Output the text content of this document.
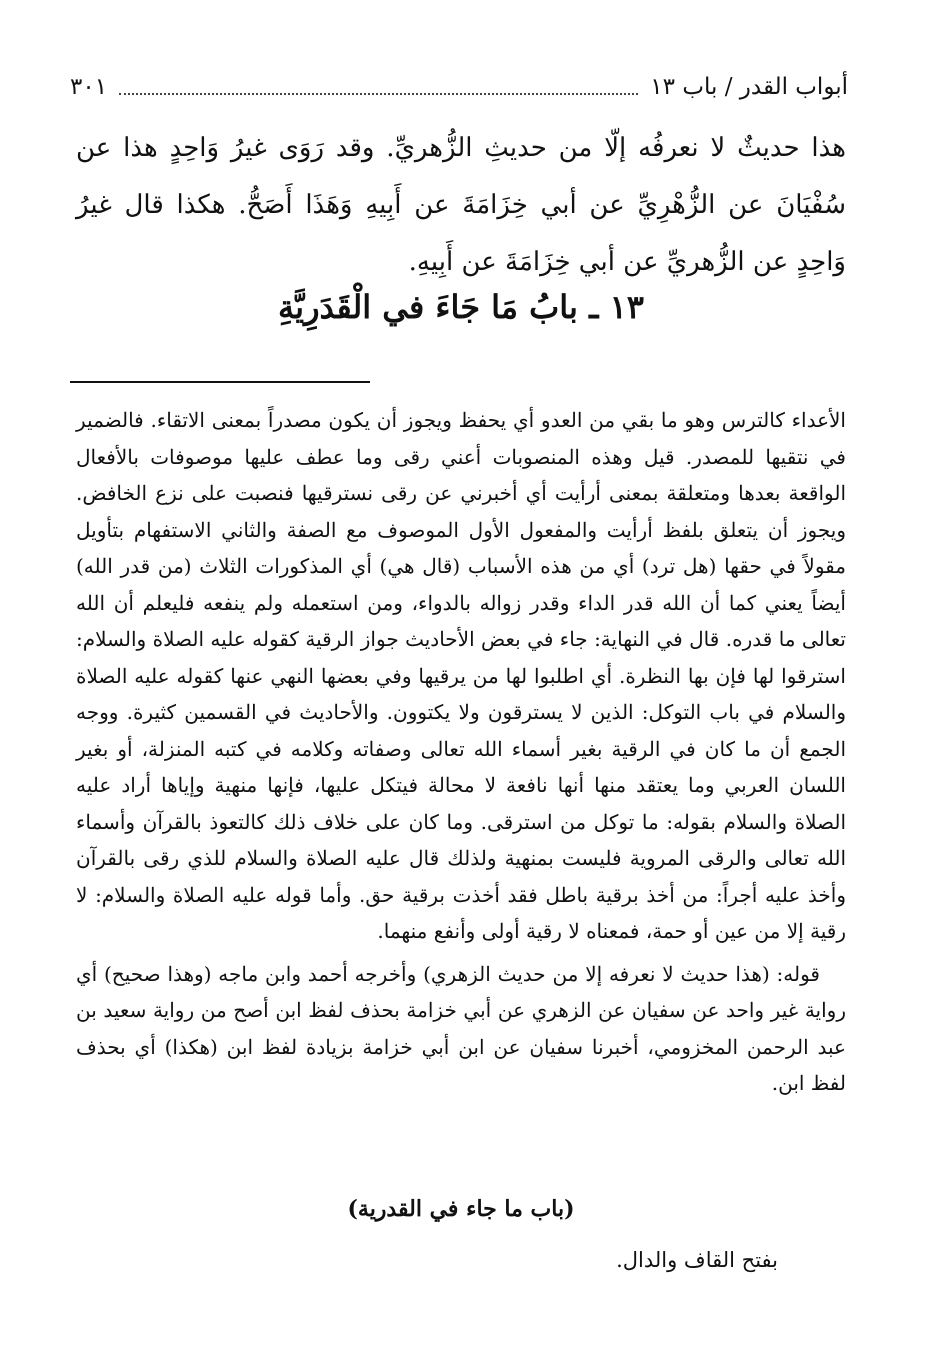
أبواب القدر / باب ١٣
٣٠١

هذا حديثٌ لا نعرفُه إلّا من حديثِ الزُّهريِّ. وقد رَوَى غيرُ وَاحِدٍ هذا عن سُفْيَانَ عن الزُّهْرِيِّ عن أبي خِزَامَةَ عن أَبِيهِ وَهَذَا أَصَحُّ. هكذا قال غيرُ وَاحِدٍ عن الزُّهريِّ عن أبي خِزَامَةَ عن أَبِيهِ.

١٣ ـ بابُ مَا جَاءَ في الْقَدَرِيَّةِ

الأعداء كالترس وهو ما بقي من العدو أي يحفظ ويجوز أن يكون مصدراً بمعنى الاتقاء. فالضمير في نتقيها للمصدر. قيل وهذه المنصوبات أعني رقى وما عطف عليها موصوفات بالأفعال الواقعة بعدها ومتعلقة بمعنى أرأيت أي أخبرني عن رقى نسترقيها فنصبت على نزع الخافض. ويجوز أن يتعلق بلفظ أرأيت والمفعول الأول الموصوف مع الصفة والثاني الاستفهام بتأويل مقولاً في حقها (هل ترد) أي من هذه الأسباب (قال هي) أي المذكورات الثلاث (من قدر الله) أيضاً يعني كما أن الله قدر الداء وقدر زواله بالدواء، ومن استعمله ولم ينفعه فليعلم أن الله تعالى ما قدره. قال في النهاية: جاء في بعض الأحاديث جواز الرقية كقوله عليه الصلاة والسلام: استرقوا لها فإن بها النظرة. أي اطلبوا لها من يرقيها وفي بعضها النهي عنها كقوله عليه الصلاة والسلام في باب التوكل: الذين لا يسترقون ولا يكتوون. والأحاديث في القسمين كثيرة. ووجه الجمع أن ما كان في الرقية بغير أسماء الله تعالى وصفاته وكلامه في كتبه المنزلة، أو بغير اللسان العربي وما يعتقد منها أنها نافعة لا محالة فيتكل عليها، فإنها منهية وإياها أراد عليه الصلاة والسلام بقوله: ما توكل من استرقى. وما كان على خلاف ذلك كالتعوذ بالقرآن وأسماء الله تعالى والرقى المروية فليست بمنهية ولذلك قال عليه الصلاة والسلام للذي رقى بالقرآن وأخذ عليه أجراً: من أخذ برقية باطل فقد أخذت برقية حق. وأما قوله عليه الصلاة والسلام: لا رقية إلا من عين أو حمة، فمعناه لا رقية أولى وأنفع منهما.

قوله: (هذا حديث لا نعرفه إلا من حديث الزهري) وأخرجه أحمد وابن ماجه (وهذا صحيح) أي رواية غير واحد عن سفيان عن الزهري عن أبي خزامة بحذف لفظ ابن أصح من رواية سعيد بن عبد الرحمن المخزومي، أخبرنا سفيان عن ابن أبي خزامة بزيادة لفظ ابن (هكذا) أي بحذف لفظ ابن.

(باب ما جاء في القدرية)
بفتح القاف والدال.
